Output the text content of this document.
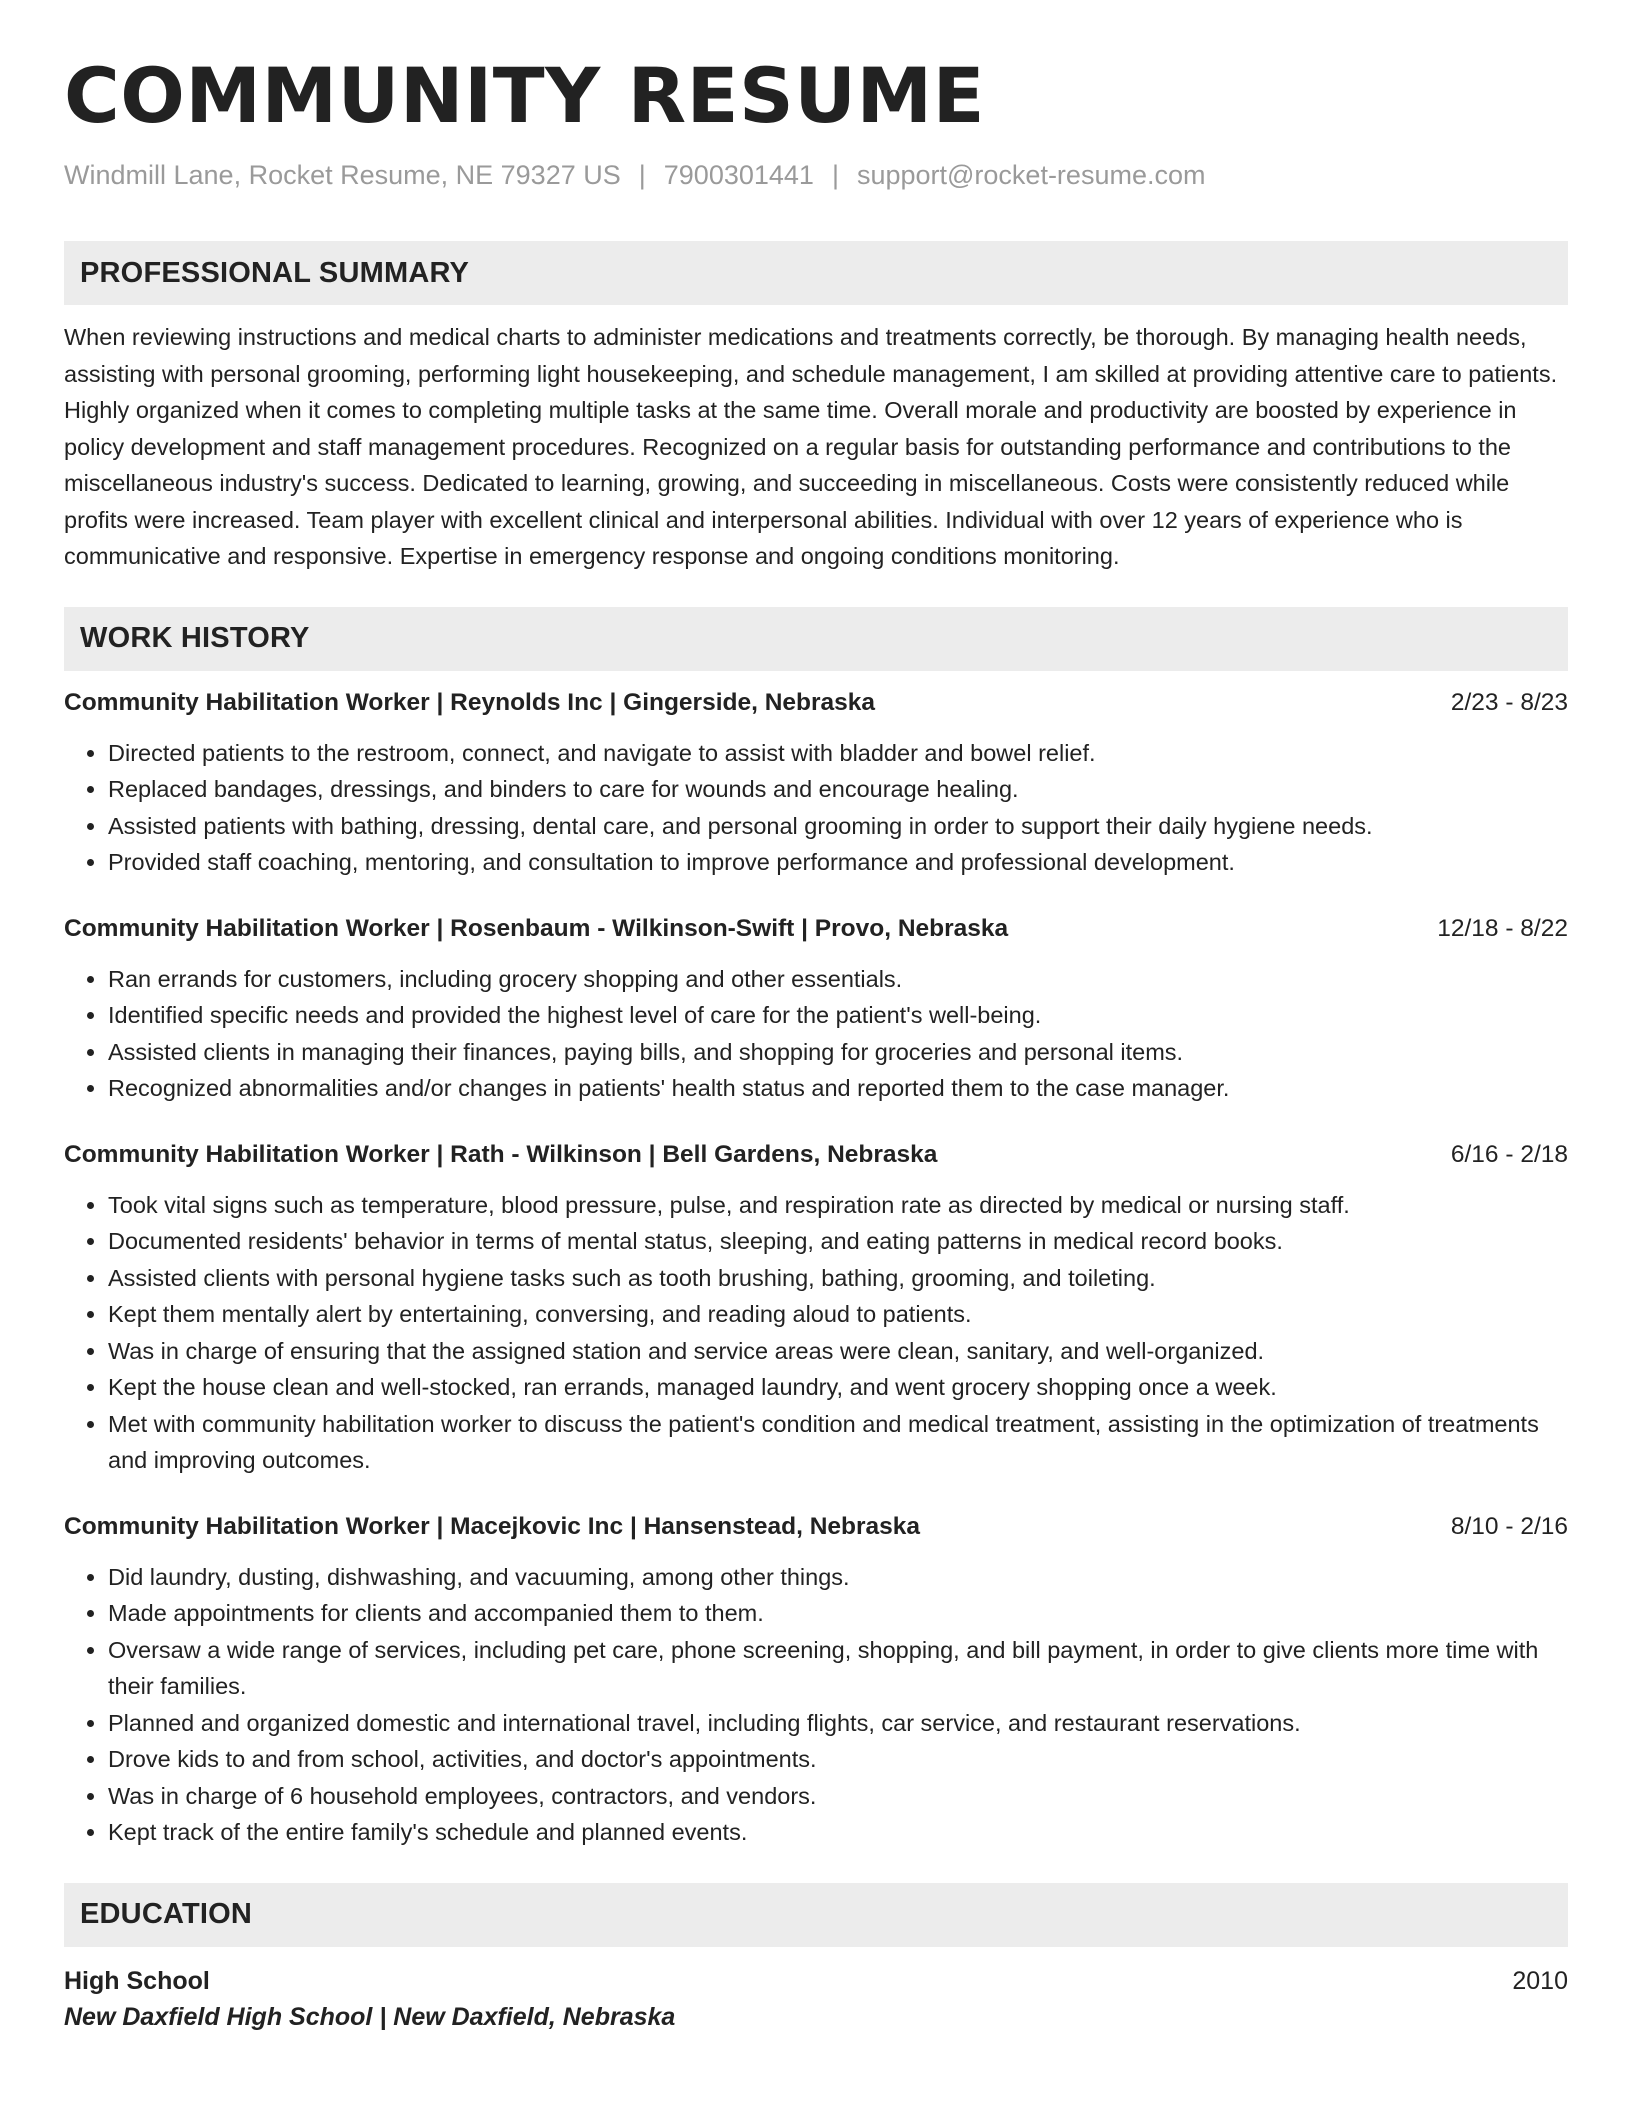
COMMUNITY RESUME
Windmill Lane, Rocket Resume, NE 79327 US | 7900301441 | support@rocket-resume.com
PROFESSIONAL SUMMARY

When reviewing instructions and medical charts to administer medications and treatments correctly, be thorough. By managing health needs, assisting with personal grooming, performing light housekeeping, and schedule management, I am skilled at providing attentive care to patients. Highly organized when it comes to completing multiple tasks at the same time. Overall morale and productivity are boosted by experience in policy development and staff management procedures. Recognized on a regular basis for outstanding performance and contributions to the miscellaneous industry's success. Dedicated to learning, growing, and succeeding in miscellaneous. Costs were consistently reduced while profits were increased. Team player with excellent clinical and interpersonal abilities. Individual with over 12 years of experience who is communicative and responsive. Expertise in emergency response and ongoing conditions monitoring.

WORK HISTORY
Community Habilitation Worker | Reynolds Inc | Gingerside, Nebraska	2/23 - 8/23
• Directed patients to the restroom, connect, and navigate to assist with bladder and bowel relief.
• Replaced bandages, dressings, and binders to care for wounds and encourage healing.
• Assisted patients with bathing, dressing, dental care, and personal grooming in order to support their daily hygiene needs.
• Provided staff coaching, mentoring, and consultation to improve performance and professional development.
Community Habilitation Worker | Rosenbaum - Wilkinson-Swift | Provo, Nebraska	12/18 - 8/22
• Ran errands for customers, including grocery shopping and other essentials.
• Identified specific needs and provided the highest level of care for the patient's well-being.
• Assisted clients in managing their finances, paying bills, and shopping for groceries and personal items.
• Recognized abnormalities and/or changes in patients' health status and reported them to the case manager.
Community Habilitation Worker | Rath - Wilkinson | Bell Gardens, Nebraska	6/16 - 2/18
• Took vital signs such as temperature, blood pressure, pulse, and respiration rate as directed by medical or nursing staff.
• Documented residents' behavior in terms of mental status, sleeping, and eating patterns in medical record books.
• Assisted clients with personal hygiene tasks such as tooth brushing, bathing, grooming, and toileting.
• Kept them mentally alert by entertaining, conversing, and reading aloud to patients.
• Was in charge of ensuring that the assigned station and service areas were clean, sanitary, and well-organized.
• Kept the house clean and well-stocked, ran errands, managed laundry, and went grocery shopping once a week.
• Met with community habilitation worker to discuss the patient's condition and medical treatment, assisting in the optimization of treatments and improving outcomes.
Community Habilitation Worker | Macejkovic Inc | Hansenstead, Nebraska	8/10 - 2/16
• Did laundry, dusting, dishwashing, and vacuuming, among other things.
• Made appointments for clients and accompanied them to them.
• Oversaw a wide range of services, including pet care, phone screening, shopping, and bill payment, in order to give clients more time with their families.
• Planned and organized domestic and international travel, including flights, car service, and restaurant reservations.
• Drove kids to and from school, activities, and doctor's appointments.
• Was in charge of 6 household employees, contractors, and vendors.
• Kept track of the entire family's schedule and planned events.
EDUCATION
High School	2010
New Daxfield High School | New Daxfield, Nebraska
